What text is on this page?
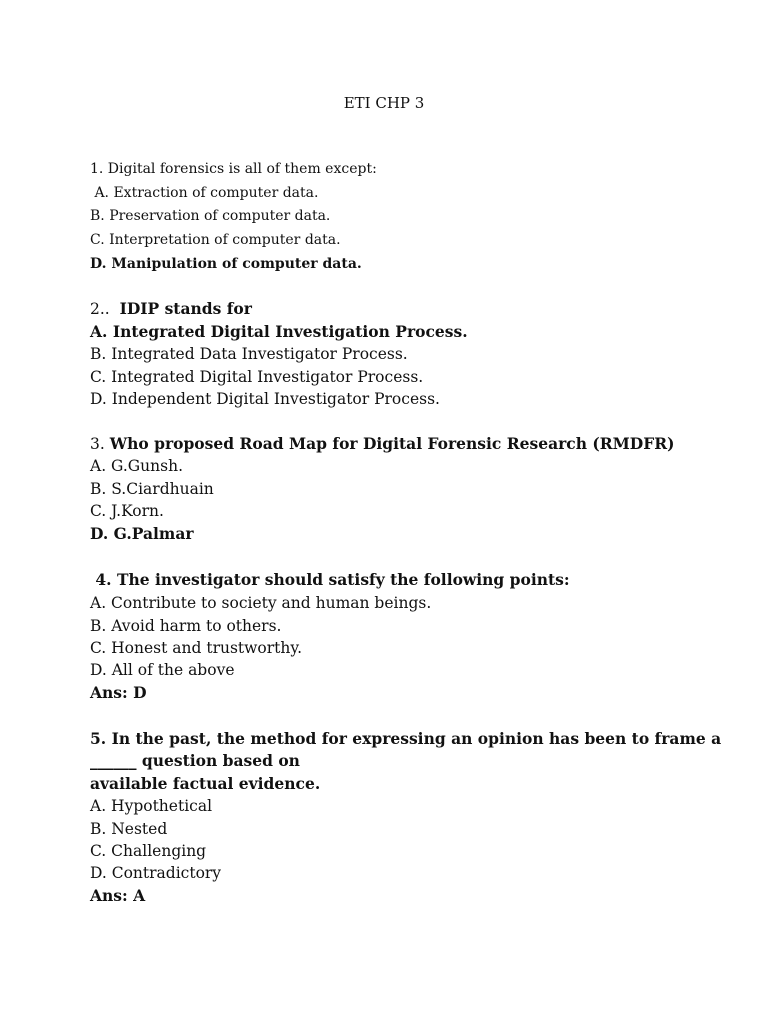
ETI CHP 3
1. Digital forensics is all of them except:
A. Extraction of computer data.
B. Preservation of computer data.
C. Interpretation of computer data.
D. Manipulation of computer data.
2..  IDIP stands for
A. Integrated Digital Investigation Process.
B. Integrated Data Investigator Process.
C. Integrated Digital Investigator Process.
D. Independent Digital Investigator Process.
3. Who proposed Road Map for Digital Forensic Research (RMDFR)
A. G.Gunsh.
B. S.Ciardhuain
C. J.Korn.
D. G.Palmar
4. The investigator should satisfy the following points:
A. Contribute to society and human beings.
B. Avoid harm to others.
C. Honest and trustworthy.
D. All of the above
Ans: D
5. In the past, the method for expressing an opinion has been to frame a
______ question based on
available factual evidence.
A. Hypothetical
B. Nested
C. Challenging
D. Contradictory
Ans: A
